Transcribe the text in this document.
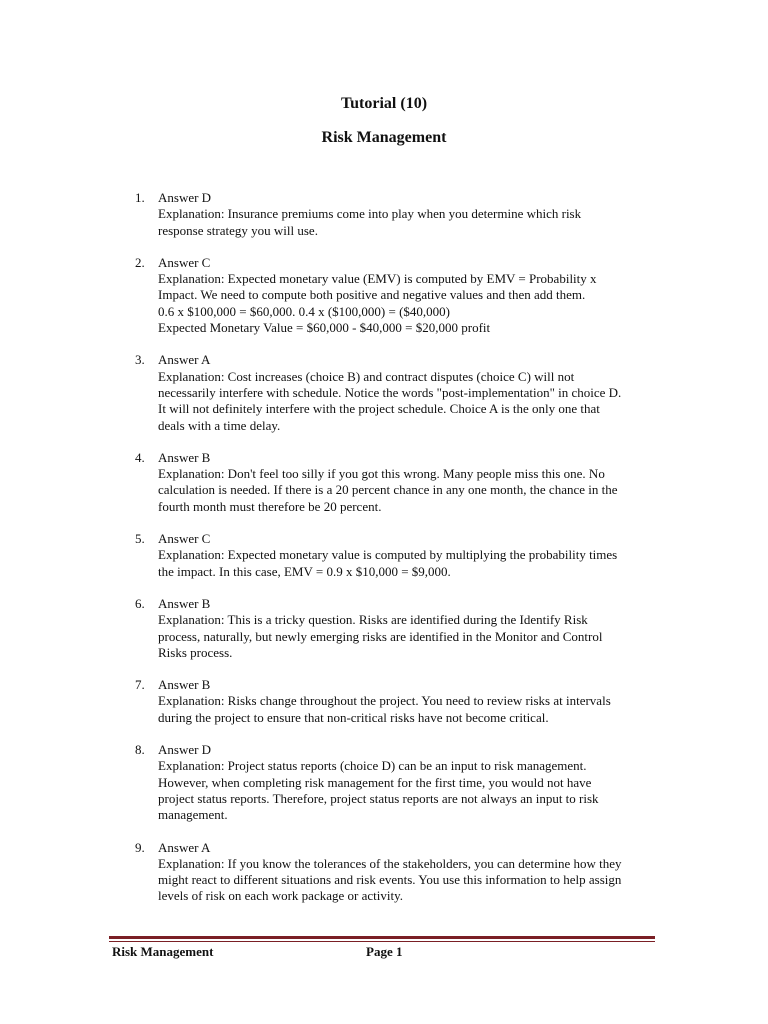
Tutorial (10)
Risk Management
1. Answer D
Explanation: Insurance premiums come into play when you determine which risk
response strategy you will use.
2. Answer C
Explanation: Expected monetary value (EMV) is computed by EMV = Probability x
Impact. We need to compute both positive and negative values and then add them.
0.6 x $100,000 = $60,000. 0.4 x ($100,000) = ($40,000)
Expected Monetary Value = $60,000 - $40,000 = $20,000 profit
3. Answer A
Explanation: Cost increases (choice B) and contract disputes (choice C) will not
necessarily interfere with schedule. Notice the words "post-implementation" in choice D.
It will not definitely interfere with the project schedule. Choice A is the only one that
deals with a time delay.
4. Answer B
Explanation: Don't feel too silly if you got this wrong. Many people miss this one. No
calculation is needed. If there is a 20 percent chance in any one month, the chance in the
fourth month must therefore be 20 percent.
5. Answer C
Explanation: Expected monetary value is computed by multiplying the probability times
the impact. In this case, EMV = 0.9 x $10,000 = $9,000.
6. Answer B
Explanation: This is a tricky question. Risks are identified during the Identify Risk
process, naturally, but newly emerging risks are identified in the Monitor and Control
Risks process.
7. Answer B
Explanation: Risks change throughout the project. You need to review risks at intervals
during the project to ensure that non-critical risks have not become critical.
8. Answer D
Explanation: Project status reports (choice D) can be an input to risk management.
However, when completing risk management for the first time, you would not have
project status reports. Therefore, project status reports are not always an input to risk
management.
9. Answer A
Explanation: If you know the tolerances of the stakeholders, you can determine how they
might react to different situations and risk events. You use this information to help assign
levels of risk on each work package or activity.
Risk Management	Page 1
